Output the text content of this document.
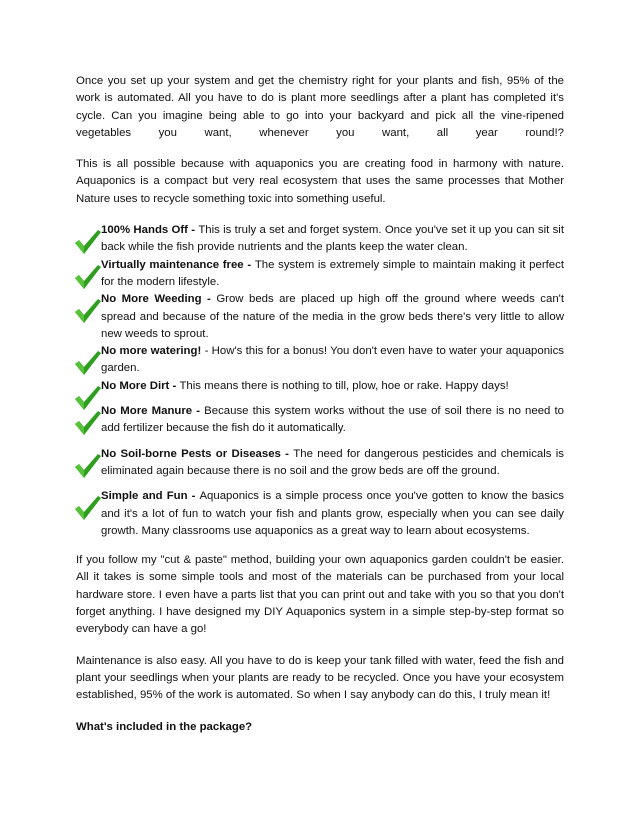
Once you set up your system and get the chemistry right for your plants and fish, 95% of the work is automated. All you have to do is plant more seedlings after a plant has completed it's cycle. Can you imagine being able to go into your backyard and pick all the vine-ripened vegetables you want, whenever you want, all year round!?

This is all possible because with aquaponics you are creating food in harmony with nature. Aquaponics is a compact but very real ecosystem that uses the same processes that Mother Nature uses to recycle something toxic into something useful.

100% Hands Off - This is truly a set and forget system. Once you've set it up you can sit sit back while the fish provide nutrients and the plants keep the water clean.
Virtually maintenance free - The system is extremely simple to maintain making it perfect for the modern lifestyle.
No More Weeding - Grow beds are placed up high off the ground where weeds can't spread and because of the nature of the media in the grow beds there's very little to allow new weeds to sprout.
No more watering! - How's this for a bonus! You don't even have to water your aquaponics garden.
No More Dirt - This means there is nothing to till, plow, hoe or rake. Happy days!
No More Manure - Because this system works without the use of soil there is no need to add fertilizer because the fish do it automatically.
No Soil-borne Pests or Diseases - The need for dangerous pesticides and chemicals is eliminated again because there is no soil and the grow beds are off the ground.
Simple and Fun - Aquaponics is a simple process once you've gotten to know the basics and it's a lot of fun to watch your fish and plants grow, especially when you can see daily growth. Many classrooms use aquaponics as a great way to learn about ecosystems.

If you follow my "cut & paste" method, building your own aquaponics garden couldn't be easier. All it takes is some simple tools and most of the materials can be purchased from your local hardware store. I even have a parts list that you can print out and take with you so that you don't forget anything. I have designed my DIY Aquaponics system in a simple step-by-step format so everybody can have a go!

Maintenance is also easy. All you have to do is keep your tank filled with water, feed the fish and plant your seedlings when your plants are ready to be recycled. Once you have your ecosystem established, 95% of the work is automated. So when I say anybody can do this, I truly mean it!

What's included in the package?
